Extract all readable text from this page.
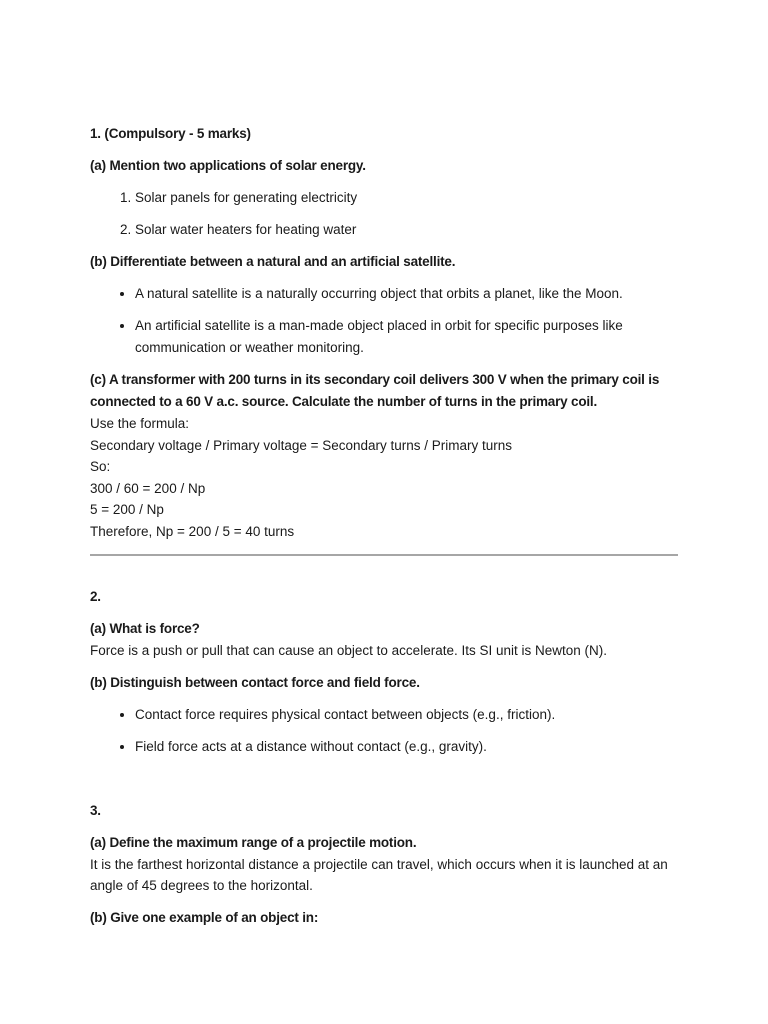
1. (Compulsory - 5 marks)

(a) Mention two applications of solar energy.

1. Solar panels for generating electricity
2. Solar water heaters for heating water

(b) Differentiate between a natural and an artificial satellite.

• A natural satellite is a naturally occurring object that orbits a planet, like the Moon.
• An artificial satellite is a man-made object placed in orbit for specific purposes like communication or weather monitoring.

(c) A transformer with 200 turns in its secondary coil delivers 300 V when the primary coil is connected to a 60 V a.c. source. Calculate the number of turns in the primary coil.

Use the formula:

Secondary voltage / Primary voltage = Secondary turns / Primary turns

So:

300 / 60 = 200 / Np

5 = 200 / Np

Therefore, Np = 200 / 5 = 40 turns

2.

(a) What is force?

Force is a push or pull that can cause an object to accelerate. Its SI unit is Newton (N).

(b) Distinguish between contact force and field force.

• Contact force requires physical contact between objects (e.g., friction).
• Field force acts at a distance without contact (e.g., gravity).

3.

(a) Define the maximum range of a projectile motion.

It is the farthest horizontal distance a projectile can travel, which occurs when it is launched at an angle of 45 degrees to the horizontal.

(b) Give one example of an object in:
